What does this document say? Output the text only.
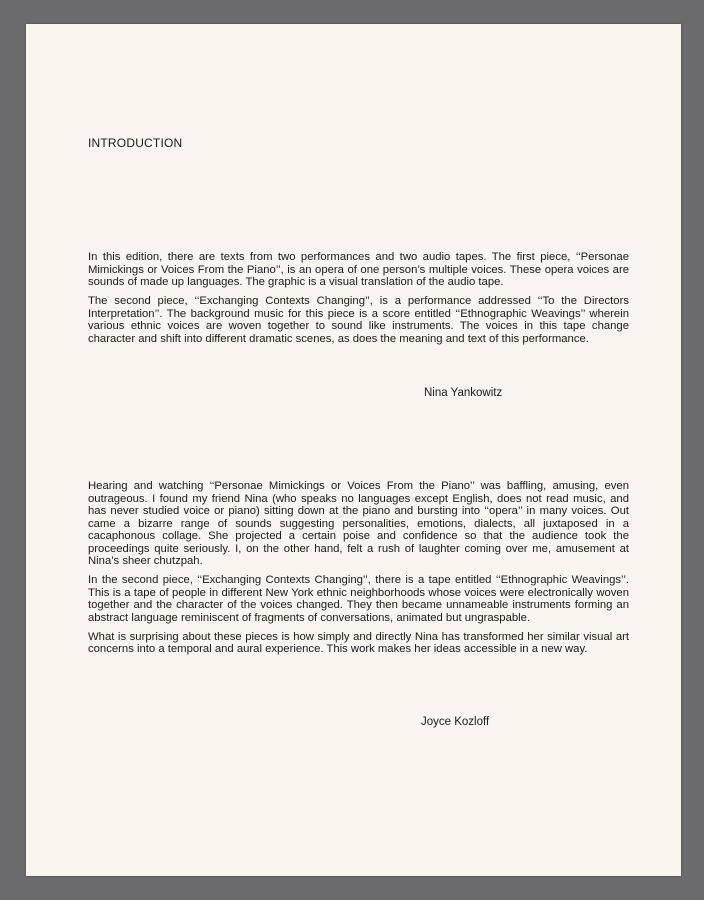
INTRODUCTION

In this edition, there are texts from two performances and two audio tapes. The first piece, ‘‘Personae Mimickings or Voices From the Piano’’, is an opera of one person’s multiple voices. These opera voices are sounds of made up languages. The graphic is a visual translation of the audio tape.

The second piece, ‘‘Exchanging Contexts Changing’’, is a performance addressed ‘‘To the Directors Interpretation’’. The background music for this piece is a score entitled ‘‘Ethnographic Weavings’’ wherein various ethnic voices are woven together to sound like instruments. The voices in this tape change character and shift into different dramatic scenes, as does the meaning and text of this performance.

Nina Yankowitz

Hearing and watching ‘‘Personae Mimickings or Voices From the Piano’’ was baffling, amusing, even outrageous. I found my friend Nina (who speaks no languages except English, does not read music, and has never studied voice or piano) sitting down at the piano and bursting into ‘‘opera’’ in many voices. Out came a bizarre range of sounds suggesting personalities, emotions, dialects, all juxtaposed in a cacaphonous collage. She projected a certain poise and confidence so that the audience took the proceedings quite seriously. I, on the other hand, felt a rush of laughter coming over me, amusement at Nina’s sheer chutzpah.

In the second piece, ‘‘Exchanging Contexts Changing’’, there is a tape entitled ‘‘Ethnographic Weavings’’. This is a tape of people in different New York ethnic neighborhoods whose voices were electronically woven together and the character of the voices changed. They then became unnameable instruments forming an abstract language reminiscent of fragments of conversations, animated but ungraspable.

What is surprising about these pieces is how simply and directly Nina has transformed her similar visual art concerns into a temporal and aural experience. This work makes her ideas accessible in a new way.

Joyce Kozloff
